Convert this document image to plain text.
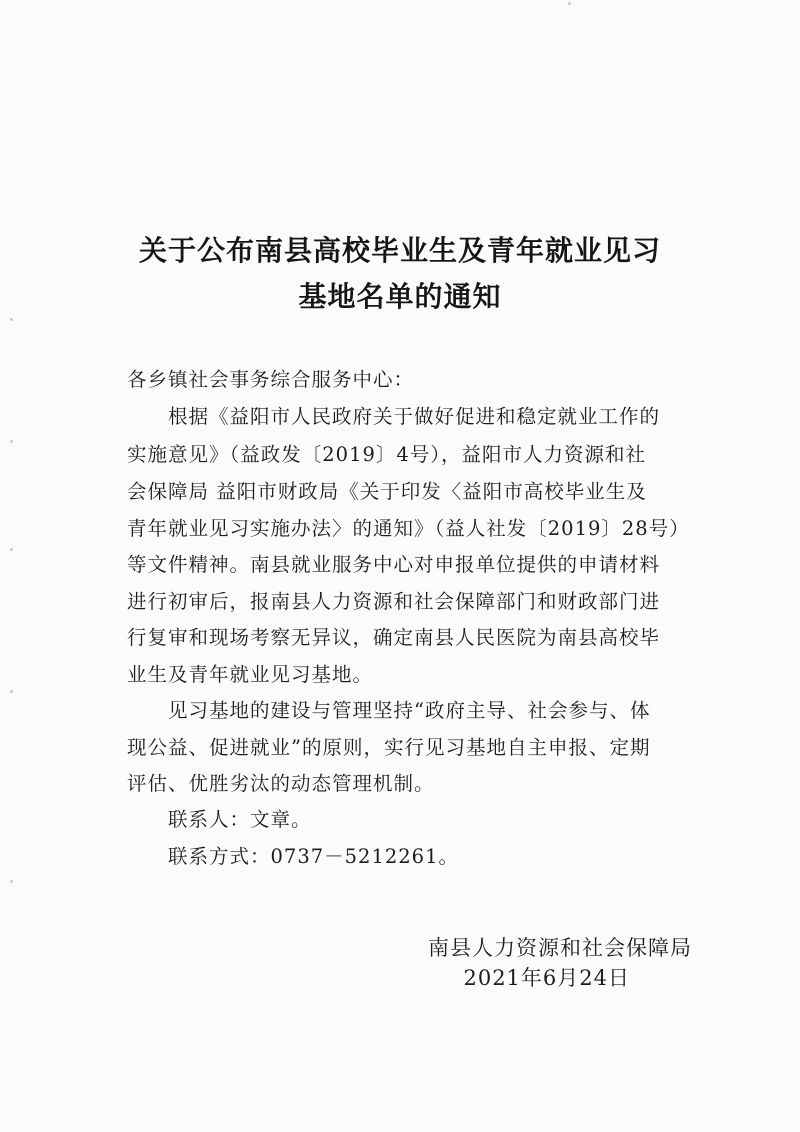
关于公布南县高校毕业生及青年就业见习
基地名单的通知

各乡镇社会事务综合服务中心：

根据《益阳市人民政府关于做好促进和稳定就业工作的

实施意见》（益政发〔2019〕4号），益阳市人力资源和社

会保障局 益阳市财政局《关于印发〈益阳市高校毕业生及

青年就业见习实施办法〉的通知》（益人社发〔2019〕28号）

等文件精神。南县就业服务中心对申报单位提供的申请材料

进行初审后，报南县人力资源和社会保障部门和财政部门进

行复审和现场考察无异议，确定南县人民医院为南县高校毕

业生及青年就业见习基地。

见习基地的建设与管理坚持“政府主导、社会参与、体

现公益、促进就业”的原则，实行见习基地自主申报、定期

评估、优胜劣汰的动态管理机制。

联系人：文章。

联系方式：0737－5212261。

南县人力资源和社会保障局

2021年6月24日
